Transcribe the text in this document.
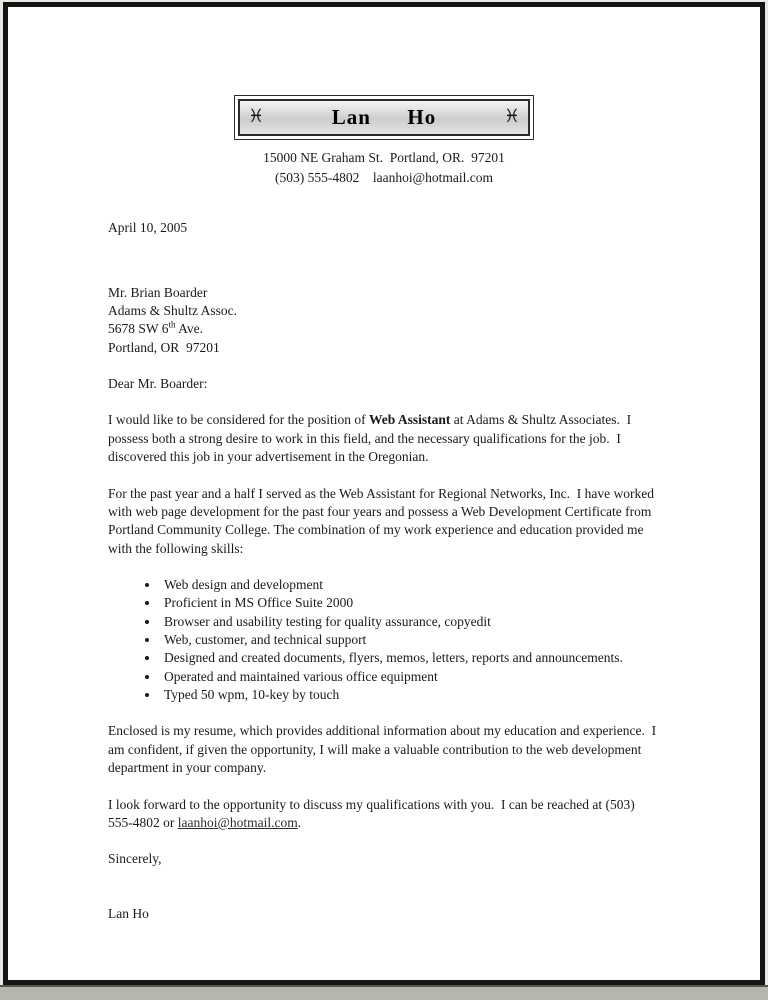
♓	Lan  Ho	♓
15000 NE Graham St.  Portland, OR.  97201
(503) 555-4802    laanhoi@hotmail.com
April 10, 2005
Mr. Brian Boarder
Adams & Shultz Assoc.
5678 SW 6th Ave.
Portland, OR  97201
Dear Mr. Boarder:

I would like to be considered for the position of Web Assistant at Adams & Shultz Associates.  I possess both a strong desire to work in this field, and the necessary qualifications for the job.  I discovered this job in your advertisement in the Oregonian.

For the past year and a half I served as the Web Assistant for Regional Networks, Inc.  I have worked with web page development for the past four years and possess a Web Development Certificate from Portland Community College. The combination of my work experience and education provided me with the following skills:

• Web design and development
• Proficient in MS Office Suite 2000
• Browser and usability testing for quality assurance, copyedit
• Web, customer, and technical support
• Designed and created documents, flyers, memos, letters, reports and announcements.
• Operated and maintained various office equipment
• Typed 50 wpm, 10-key by touch

Enclosed is my resume, which provides additional information about my education and experience.  I am confident, if given the opportunity, I will make a valuable contribution to the web development department in your company.

I look forward to the opportunity to discuss my qualifications with you.  I can be reached at (503) 555-4802 or laanhoi@hotmail.com.

Sincerely,
Lan Ho
